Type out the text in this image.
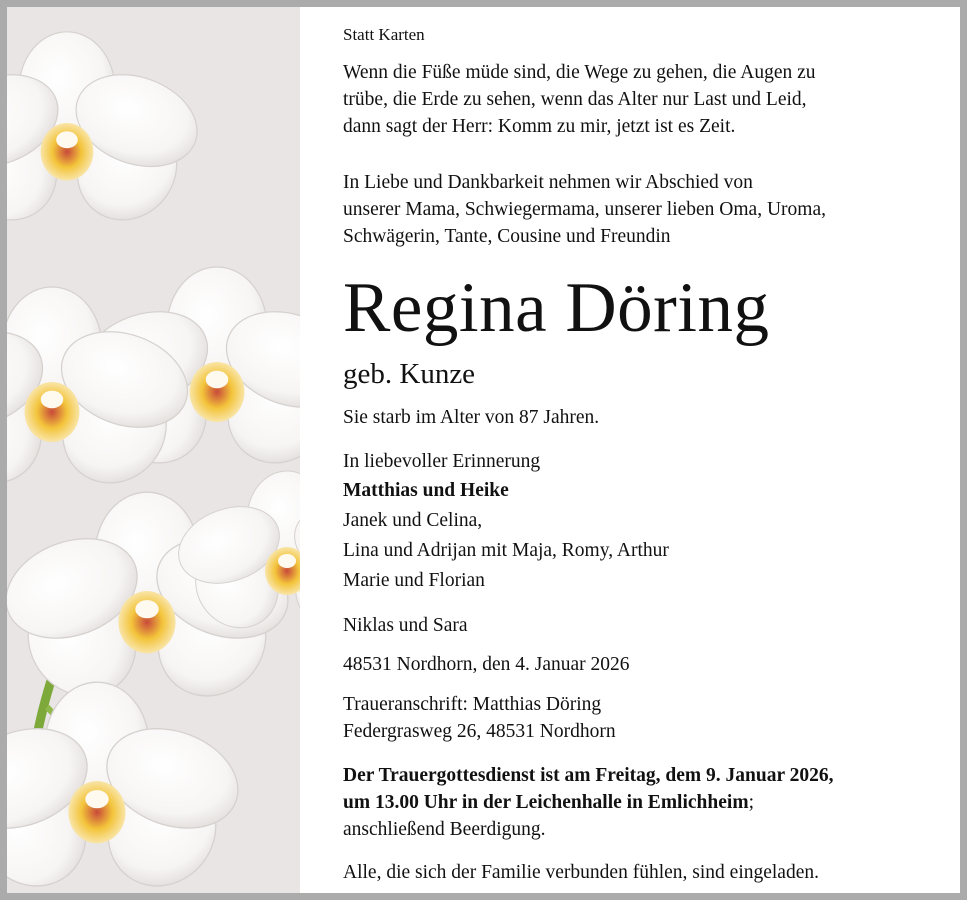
Statt Karten
Wenn die Füße müde sind, die Wege zu gehen, die Augen zu
trübe, die Erde zu sehen, wenn das Alter nur Last und Leid,
dann sagt der Herr: Komm zu mir, jetzt ist es Zeit.
In Liebe und Dankbarkeit nehmen wir Abschied von
unserer Mama, Schwiegermama, unserer lieben Oma, Uroma,
Schwägerin, Tante, Cousine und Freundin
Regina Döring
geb. Kunze
Sie starb im Alter von 87 Jahren.
In liebevoller Erinnerung
Matthias und Heike
Janek und Celina,
Lina und Adrijan mit Maja, Romy, Arthur
Marie und Florian
Niklas und Sara
48531 Nordhorn, den 4. Januar 2026
Traueranschrift: Matthias Döring
Federgrasweg 26, 48531 Nordhorn
Der Trauergottesdienst ist am Freitag, dem 9. Januar 2026,
um 13.00 Uhr in der Leichenhalle in Emlichheim;
anschließend Beerdigung.
Alle, die sich der Familie verbunden fühlen, sind eingeladen.
